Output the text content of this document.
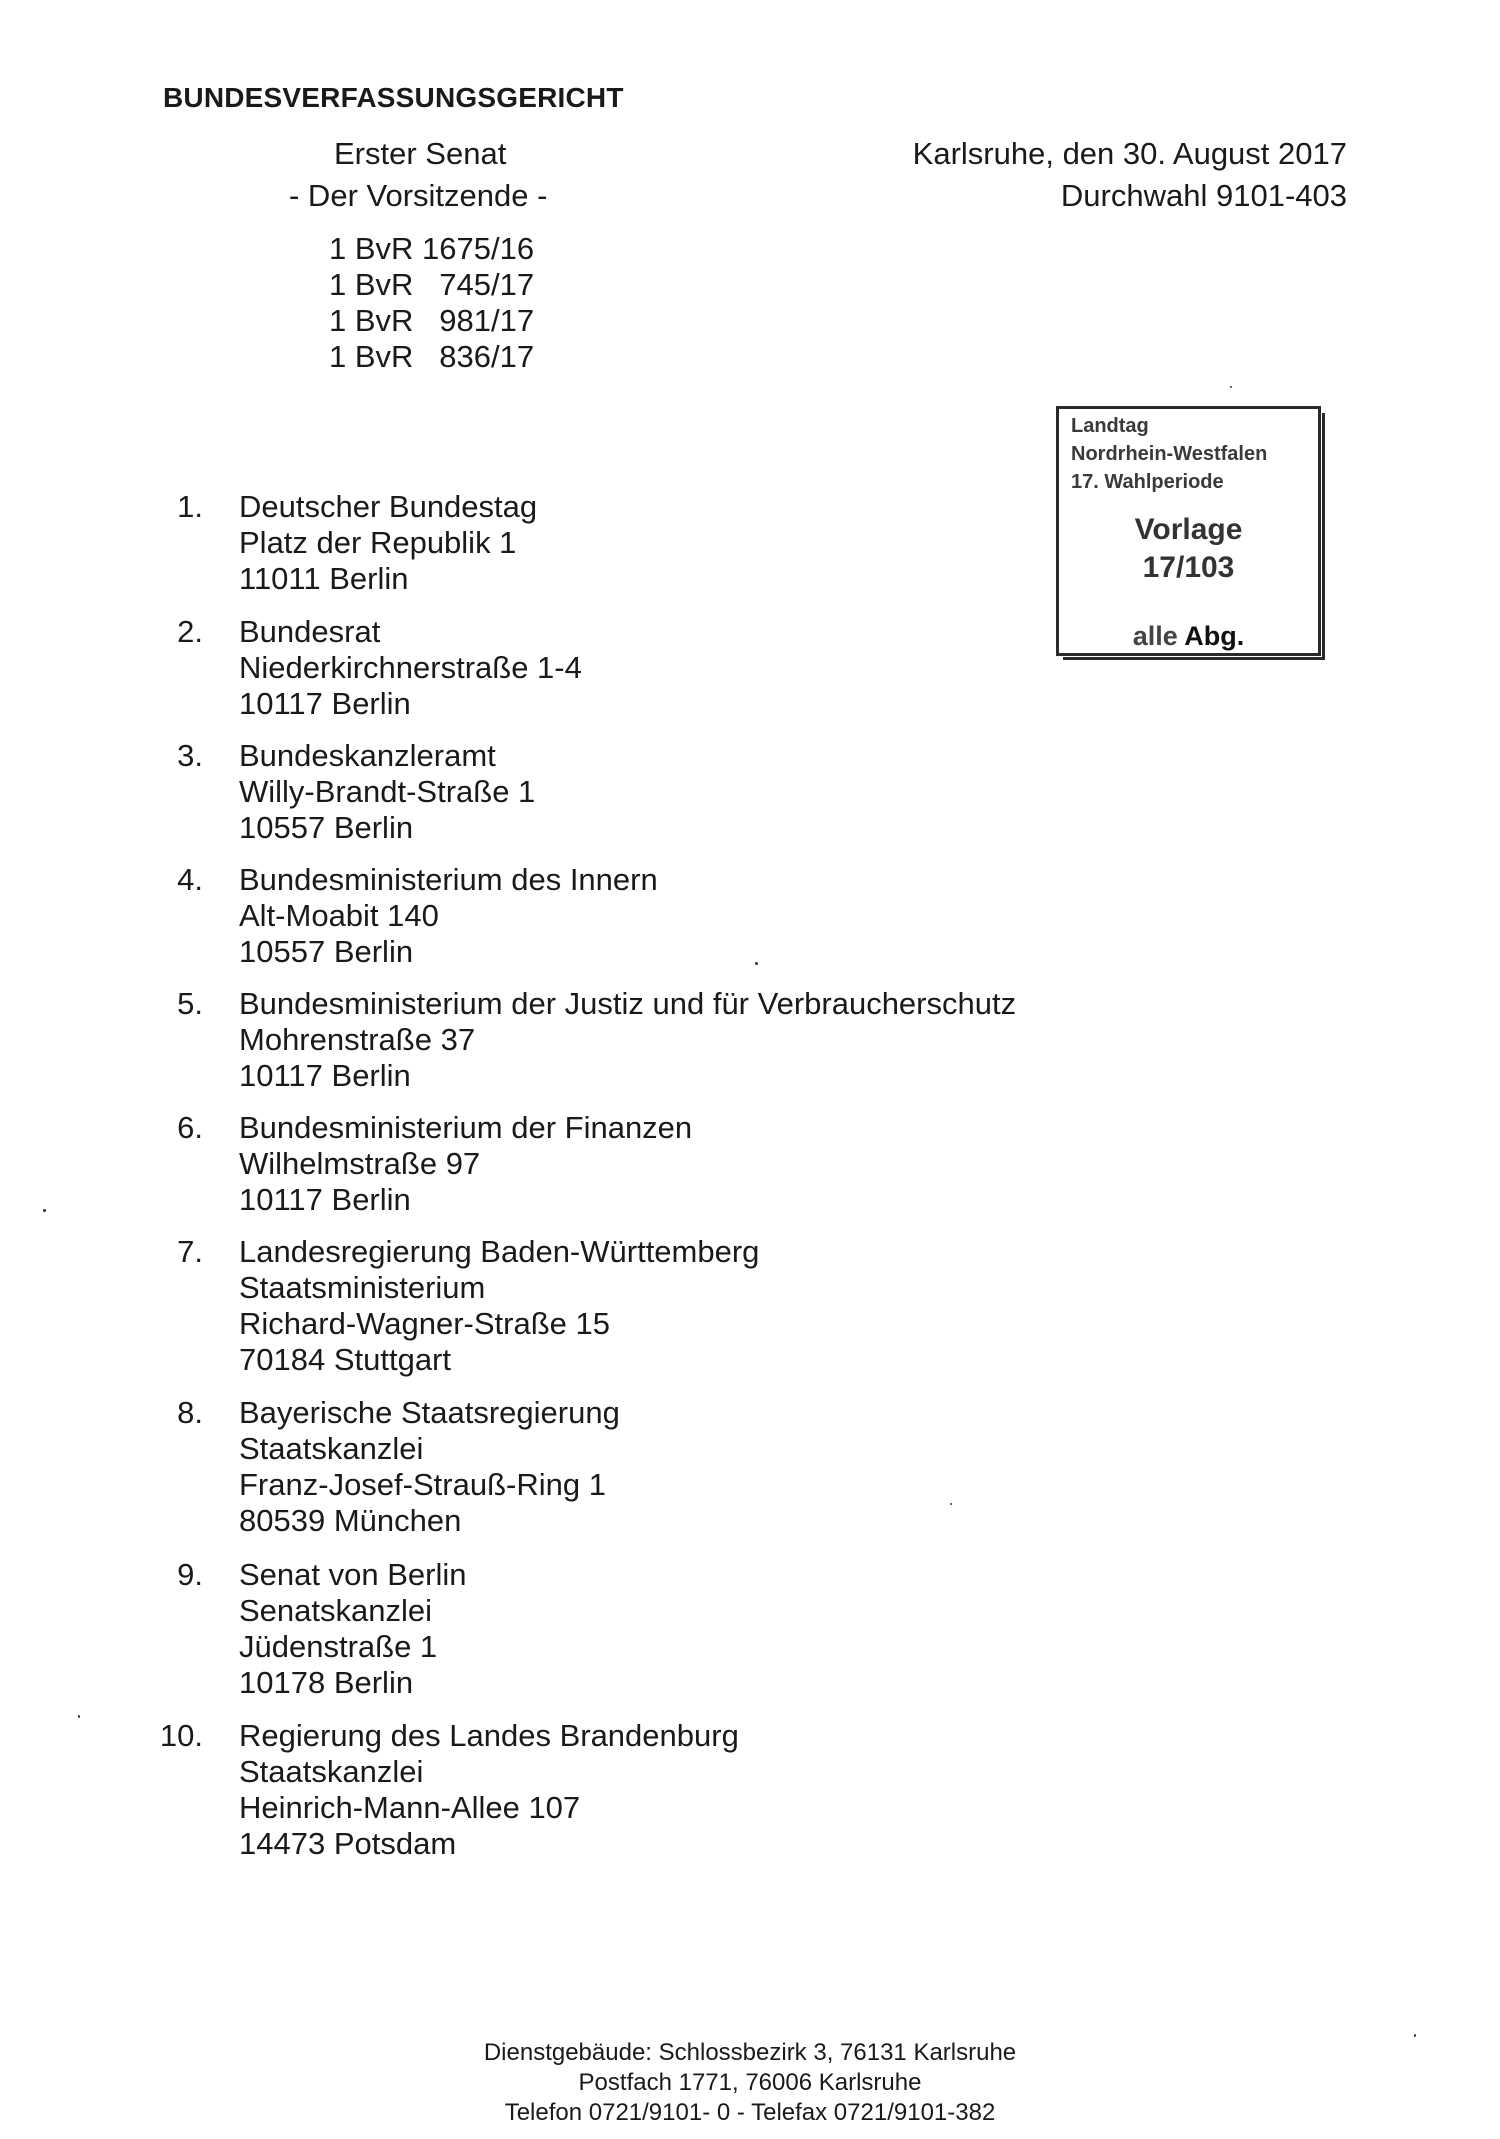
BUNDESVERFASSUNGSGERICHT
Erster Senat
- Der Vorsitzende -
Karlsruhe, den 30. August 2017
Durchwahl 9101-403
1 BvR 1675/16
1 BvR   745/17
1 BvR   981/17
1 BvR   836/17
Landtag
Nordrhein-Westfalen
17. Wahlperiode
Vorlage
17/103
alle Abg.
1. Deutscher Bundestag
Platz der Republik 1
11011 Berlin
2. Bundesrat
Niederkirchnerstraße 1-4
10117 Berlin
3. Bundeskanzleramt
Willy-Brandt-Straße 1
10557 Berlin
4. Bundesministerium des Innern
Alt-Moabit 140
10557 Berlin
5. Bundesministerium der Justiz und für Verbraucherschutz
Mohrenstraße 37
10117 Berlin
6. Bundesministerium der Finanzen
Wilhelmstraße 97
10117 Berlin
7. Landesregierung Baden-Württemberg
Staatsministerium
Richard-Wagner-Straße 15
70184 Stuttgart
8. Bayerische Staatsregierung
Staatskanzlei
Franz-Josef-Strauß-Ring 1
80539 München
9. Senat von Berlin
Senatskanzlei
Jüdenstraße 1
10178 Berlin
10. Regierung des Landes Brandenburg
Staatskanzlei
Heinrich-Mann-Allee 107
14473 Potsdam
Dienstgebäude: Schlossbezirk 3, 76131 Karlsruhe
Postfach 1771, 76006 Karlsruhe
Telefon 0721/9101- 0 - Telefax 0721/9101-382
